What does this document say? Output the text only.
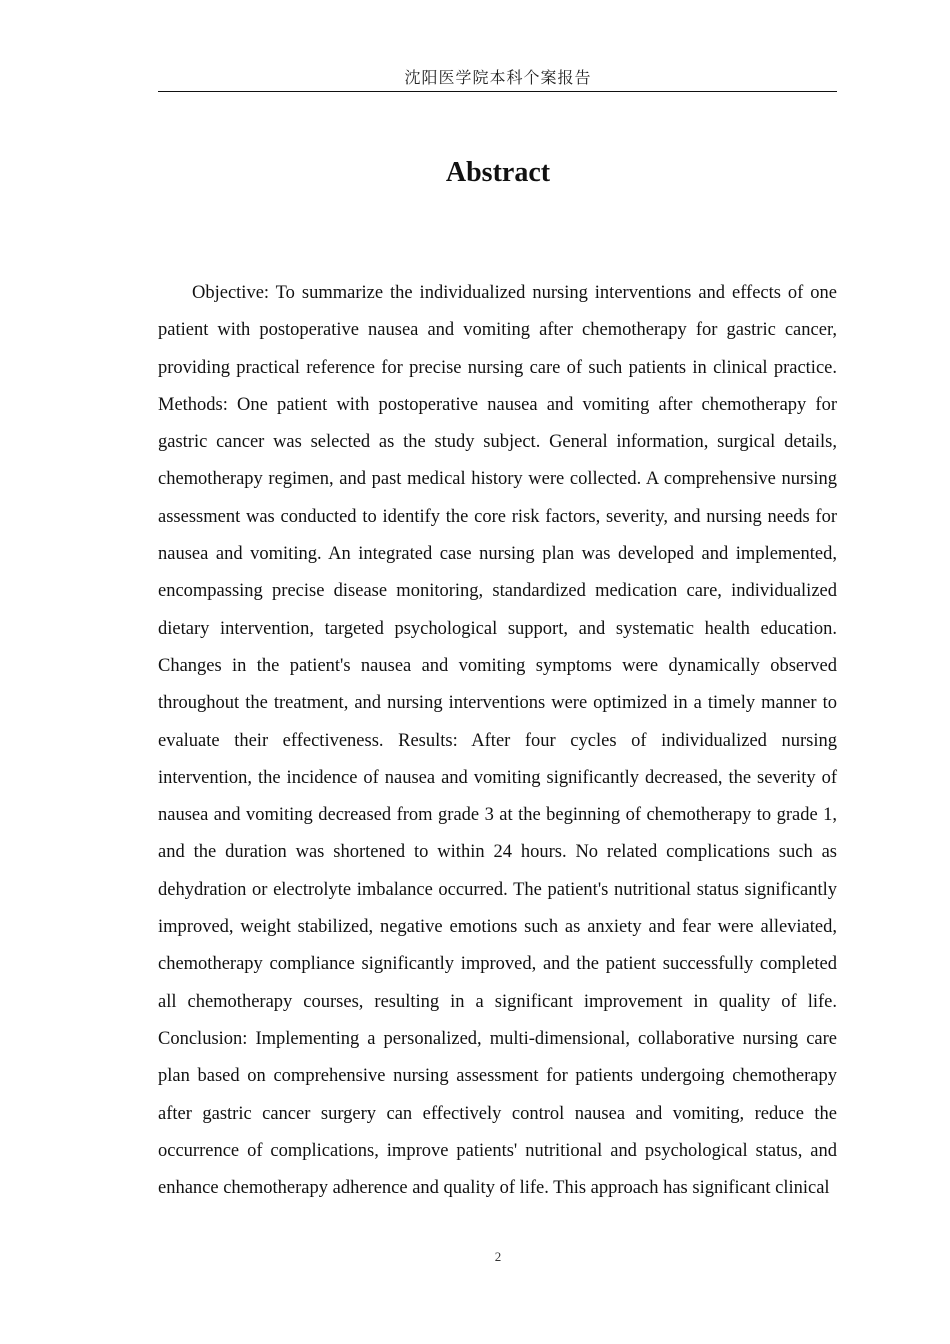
沈阳医学院本科个案报告
Abstract

Objective: To summarize the individualized nursing interventions and effects of one patient with postoperative nausea and vomiting after chemotherapy for gastric cancer, providing practical reference for precise nursing care of such patients in clinical practice. Methods: One patient with postoperative nausea and vomiting after chemotherapy for gastric cancer was selected as the study subject. General information, surgical details, chemotherapy regimen, and past medical history were collected. A comprehensive nursing assessment was conducted to identify the core risk factors, severity, and nursing needs for nausea and vomiting. An integrated case nursing plan was developed and implemented, encompassing precise disease monitoring, standardized medication care, individualized dietary intervention, targeted psychological support, and systematic health education. Changes in the patient's nausea and vomiting symptoms were dynamically observed throughout the treatment, and nursing interventions were optimized in a timely manner to evaluate their effectiveness. Results: After four cycles of individualized nursing intervention, the incidence of nausea and vomiting significantly decreased, the severity of nausea and vomiting decreased from grade 3 at the beginning of chemotherapy to grade 1, and the duration was shortened to within 24 hours. No related complications such as dehydration or electrolyte imbalance occurred. The patient's nutritional status significantly improved, weight stabilized, negative emotions such as anxiety and fear were alleviated, chemotherapy compliance significantly improved, and the patient successfully completed all chemotherapy courses, resulting in a significant improvement in quality of life. Conclusion: Implementing a personalized, multi-dimensional, collaborative nursing care plan based on comprehensive nursing assessment for patients undergoing chemotherapy after gastric cancer surgery can effectively control nausea and vomiting, reduce the occurrence of complications, improve patients' nutritional and psychological status, and enhance chemotherapy adherence and quality of life. This approach has significant clinical

2
